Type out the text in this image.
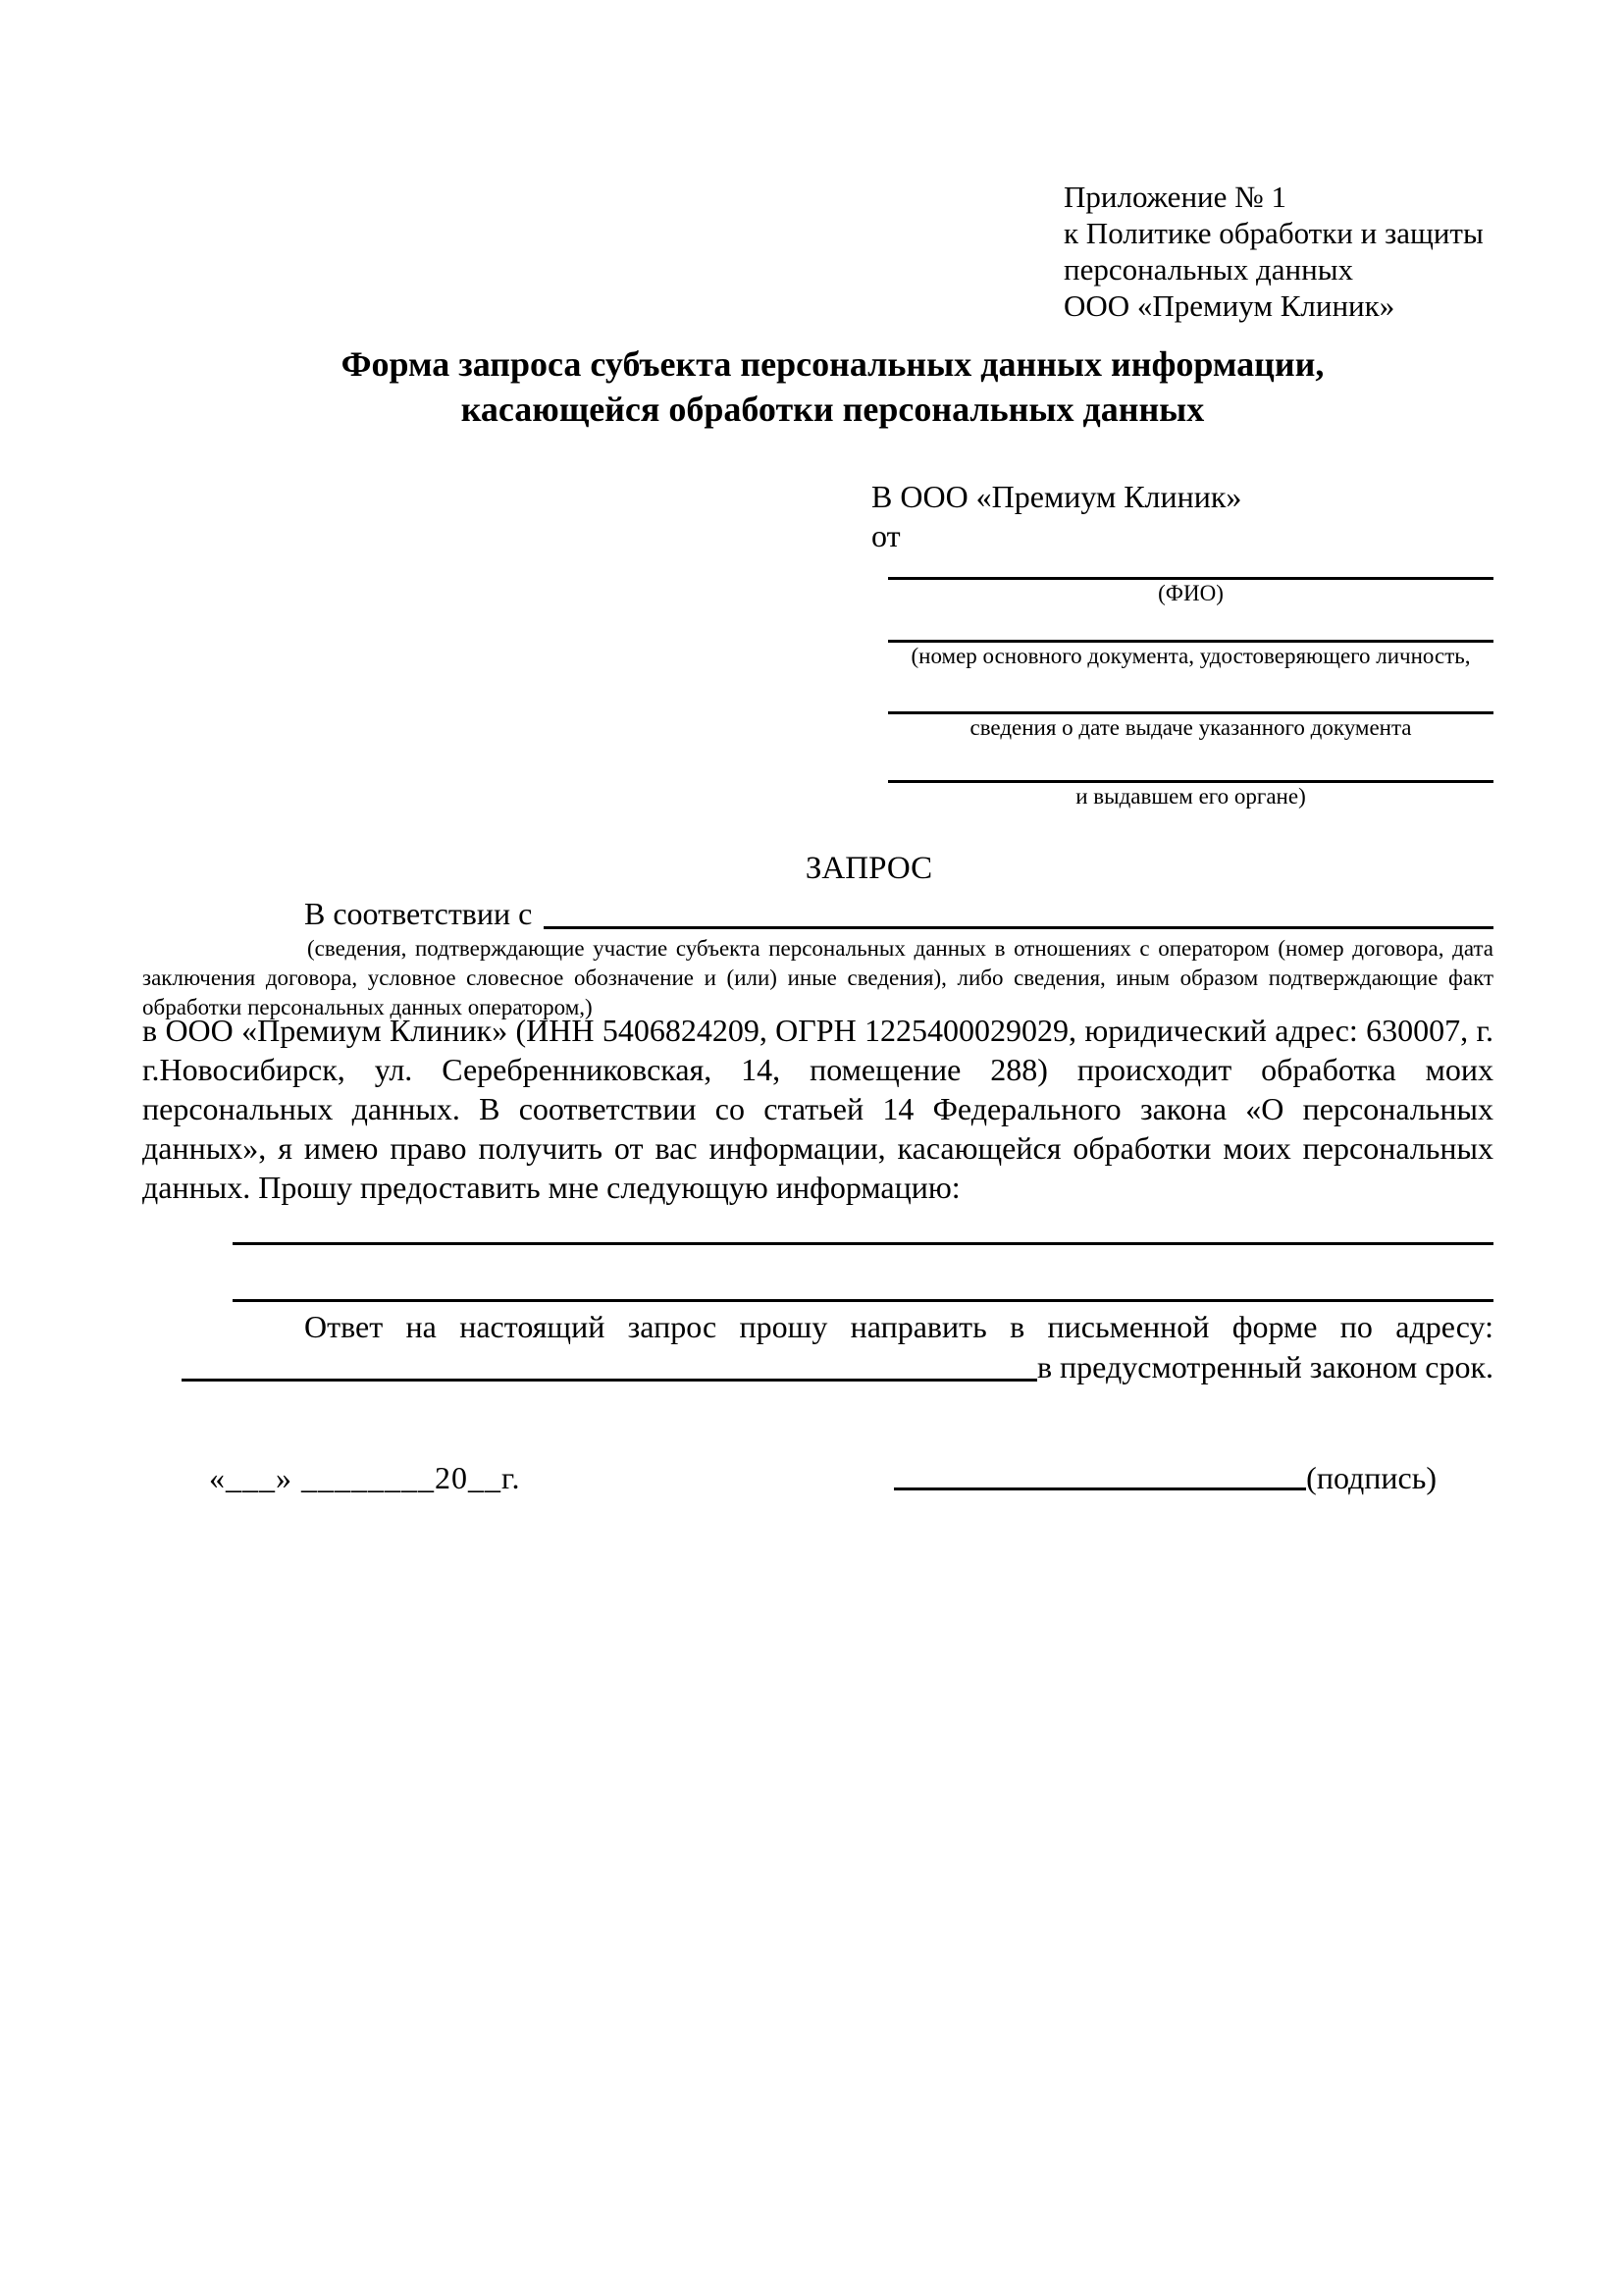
Приложение № 1
к Политике обработки и защиты
персональных данных
ООО «Премиум Клиник»
Форма запроса субъекта персональных данных информации,
касающейся обработки персональных данных
В ООО «Премиум Клиник»
от
(ФИО)
(номер основного документа, удостоверяющего личность,
сведения о дате выдаче указанного документа
и выдавшем его органе)
ЗАПРОС
В соответствии с

(сведения, подтверждающие участие субъекта персональных данных в отношениях с оператором (номер договора, дата заключения договора, условное словесное обозначение и (или) иные сведения), либо сведения, иным образом подтверждающие факт обработки персональных данных оператором,)

в ООО «Премиум Клиник» (ИНН 5406824209, ОГРН 1225400029029, юридический адрес: 630007, г. г.Новосибирск, ул. Серебренниковская, 14, помещение 288) происходит обработка моих персональных данных. В соответствии со статьей 14 Федерального закона «О персональных данных», я имею право получить от вас информации, касающейся обработки моих персональных данных. Прошу предоставить мне следующую информацию:

Ответ на настоящий запрос прошу направить в письменной форме по адресу:

в предусмотренный законом срок.
«___» ________20__г.	(подпись)
